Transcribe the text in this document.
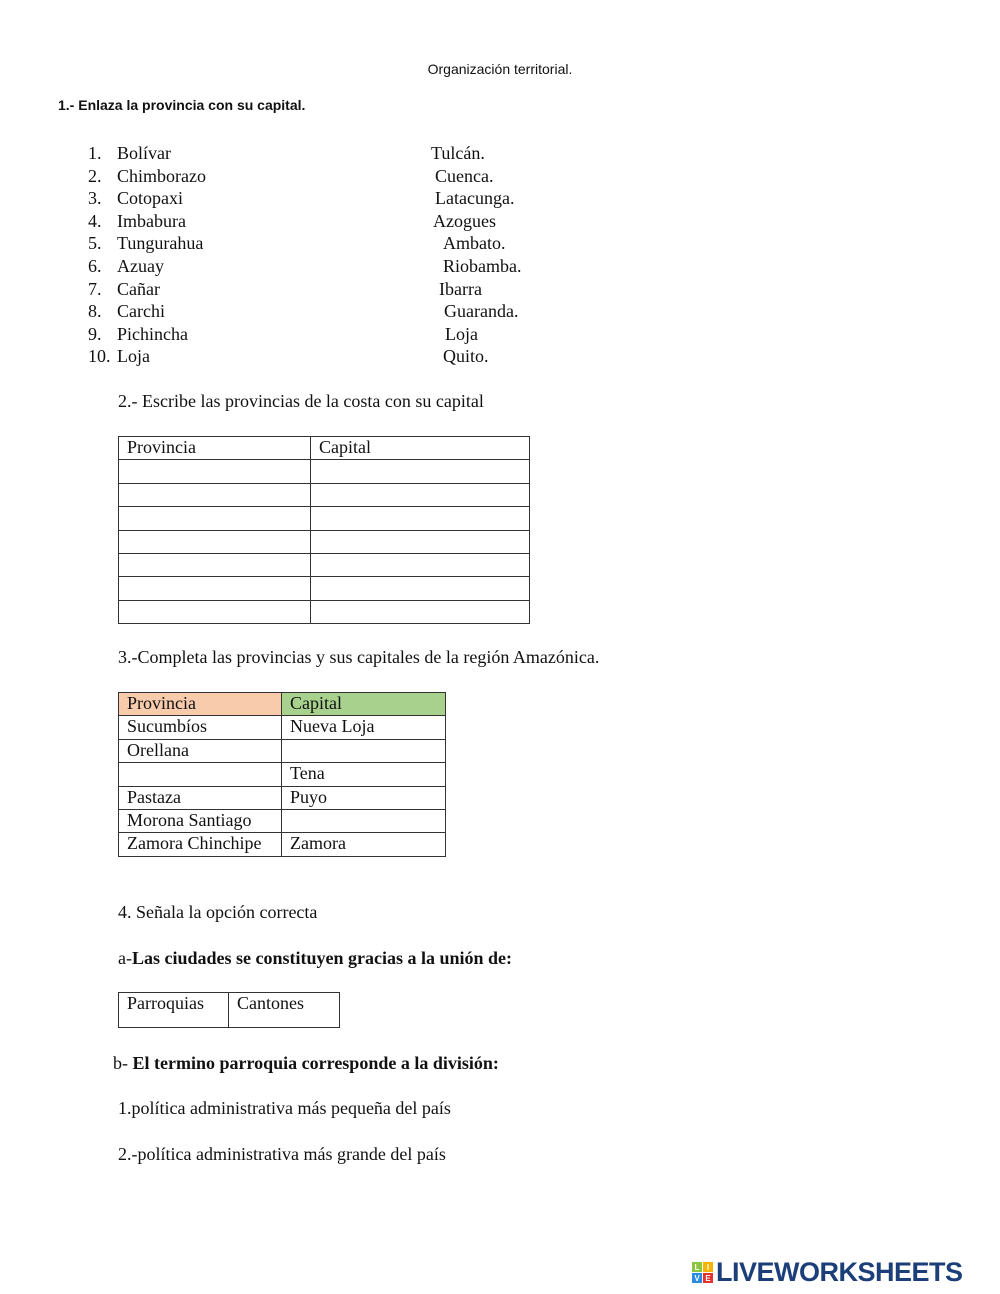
Organización territorial.
1.- Enlaza la provincia con su capital.
1. Bolívar	Tulcán.
2. Chimborazo	Cuenca.
3. Cotopaxi	Latacunga.
4. Imbabura	Azogues
5. Tungurahua	Ambato.
6. Azuay	Riobamba.
7. Cañar	Ibarra
8. Carchi	Guaranda.
9. Pichincha	Loja
10. Loja	Quito.
2.- Escribe las provincias de la costa con su capital
Provincia	Capital

3.-Completa las provincias y sus capitales de la región Amazónica.
Provincia	Capital
Sucumbíos	Nueva Loja
Orellana	
	Tena
Pastaza	Puyo
Morona Santiago	
Zamora Chinchipe	Zamora
4. Señala la opción correcta
a-Las ciudades se constituyen gracias a la unión de:
Parroquias	Cantones
b- El termino parroquia corresponde a la división:
1.política administrativa más pequeña del país
2.-política administrativa más grande del país
L I
V E LIVEWORKSHEETS
